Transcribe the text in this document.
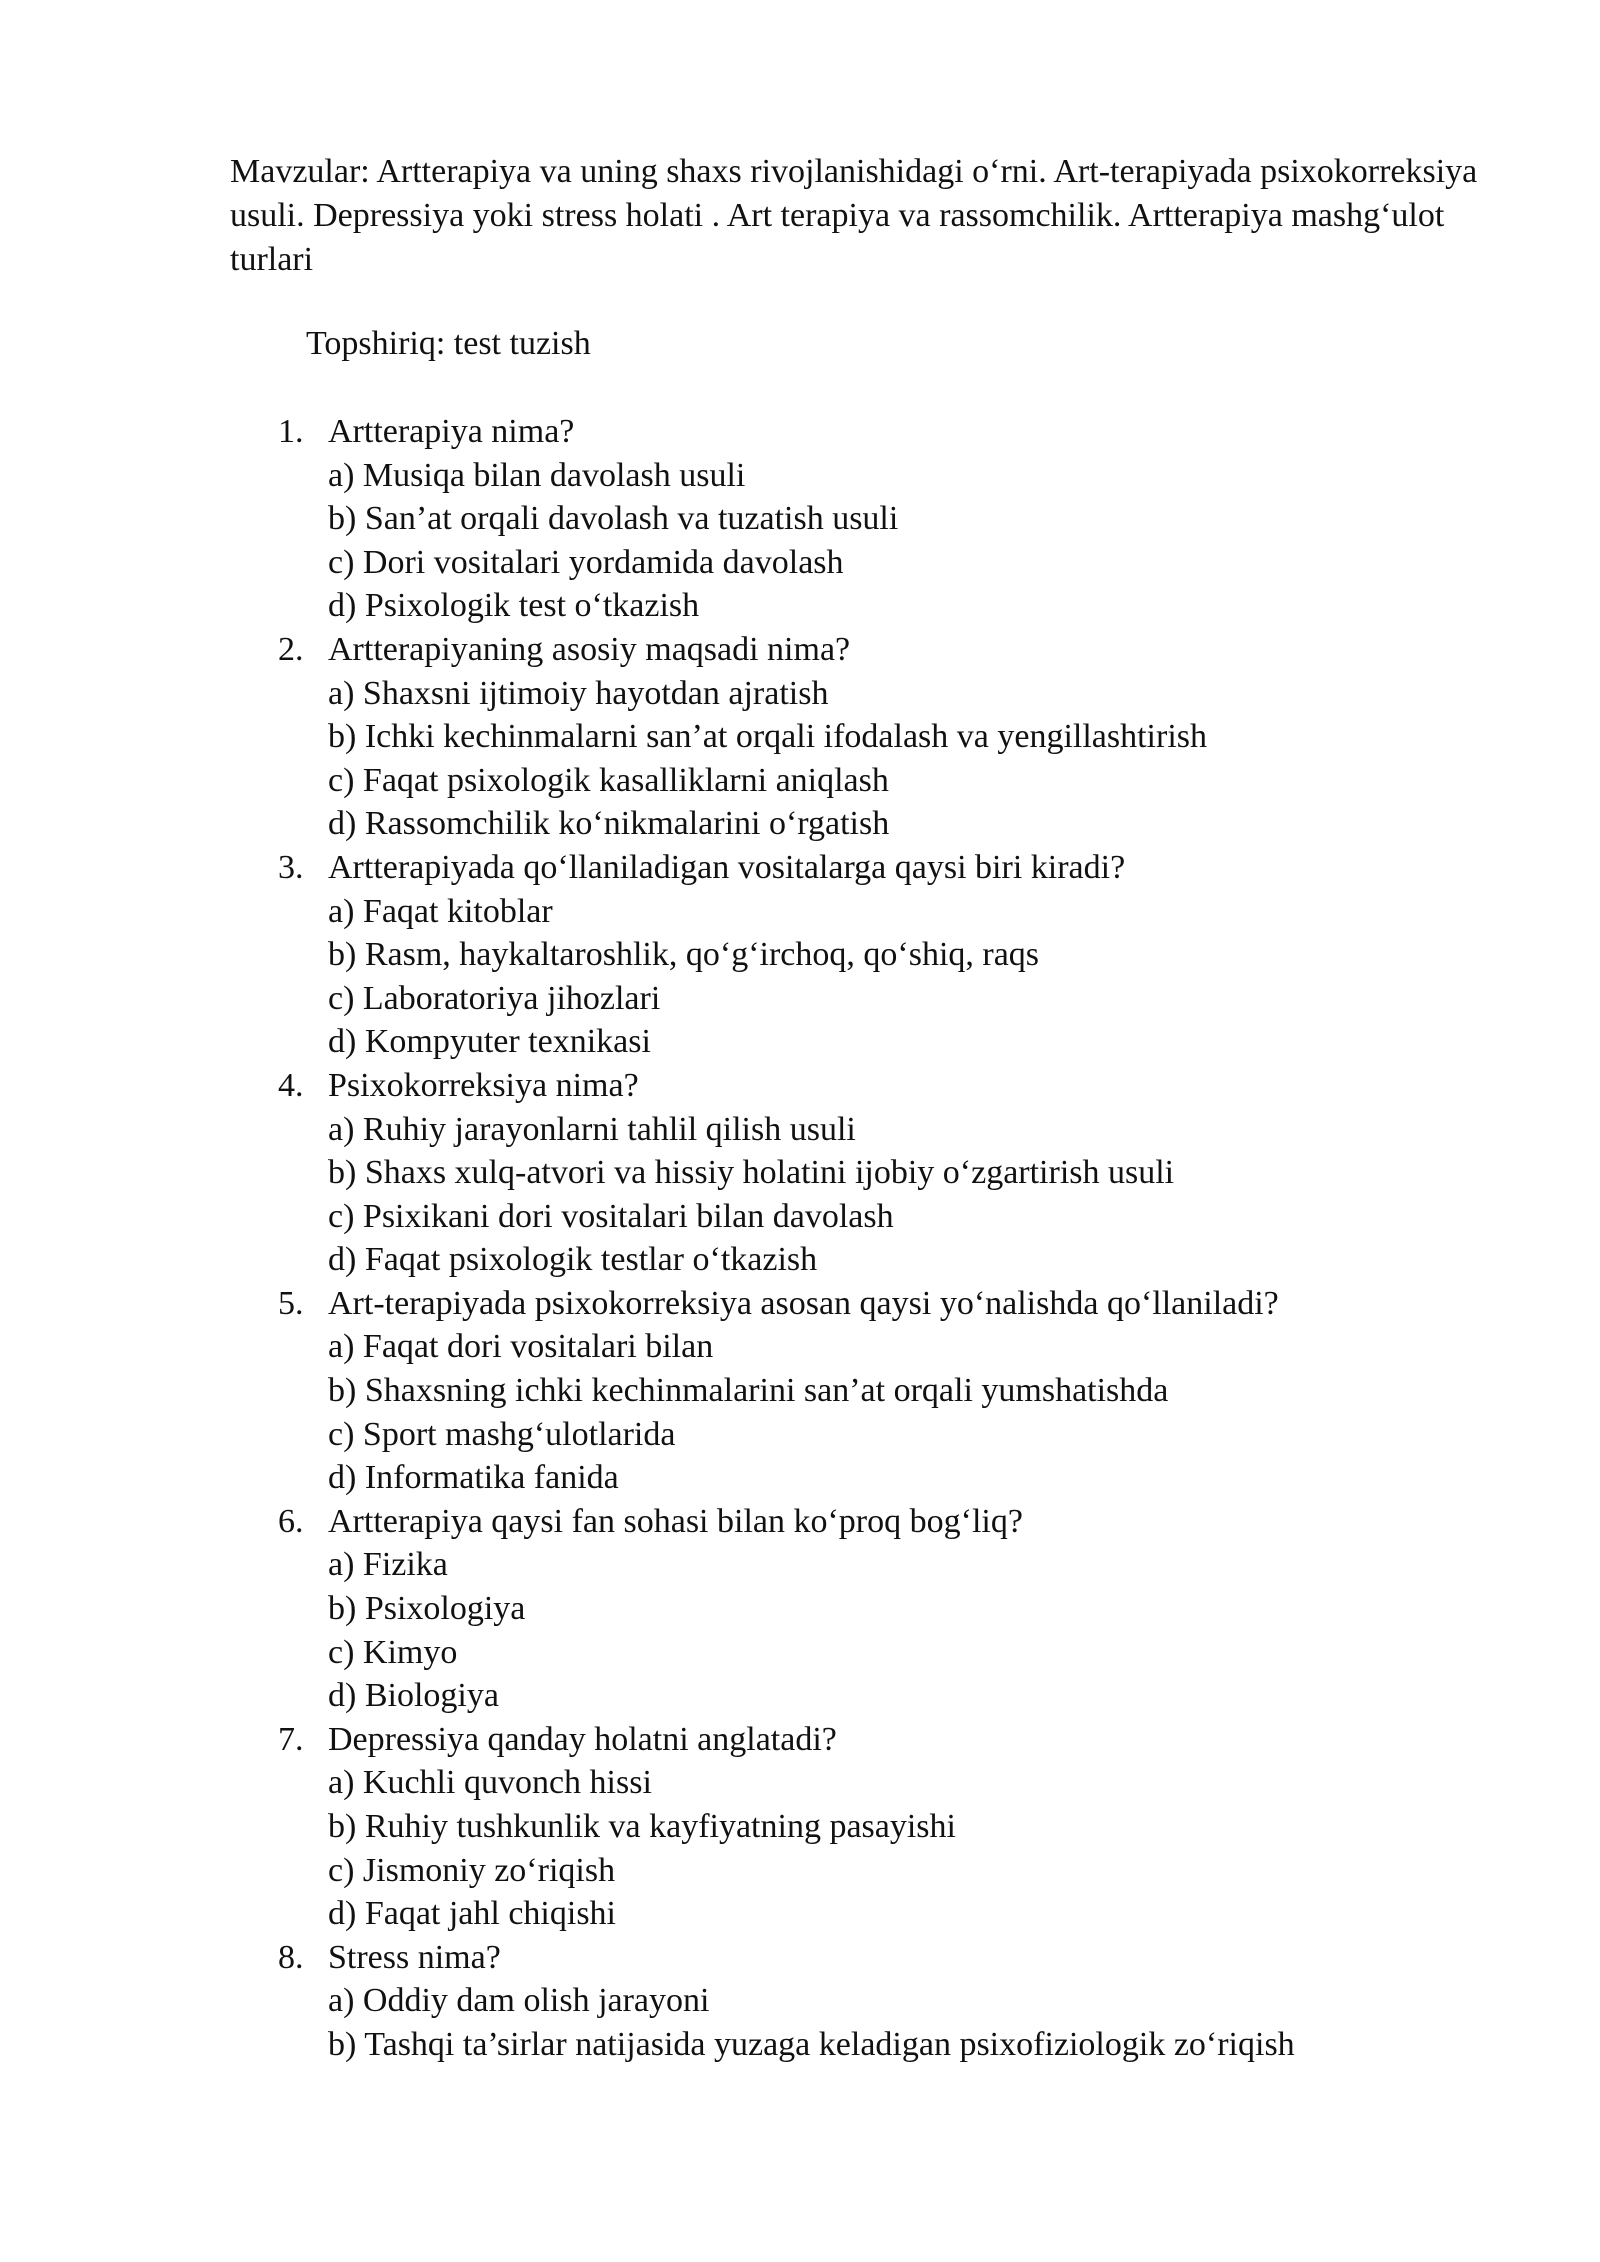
Mavzular: Artterapiya va uning shaxs rivojlanishidagi o‘rni. Art-terapiyada psixokorreksiya usuli. Depressiya yoki stress holati . Art terapiya va rassomchilik. Artterapiya mashg‘ulot turlari

Topshiriq: test tuzish

1. Artterapiya nima?
a) Musiqa bilan davolash usuli
b) San’at orqali davolash va tuzatish usuli
c) Dori vositalari yordamida davolash
d) Psixologik test o‘tkazish
2. Artterapiyaning asosiy maqsadi nima?
a) Shaxsni ijtimoiy hayotdan ajratish
b) Ichki kechinmalarni san’at orqali ifodalash va yengillashtirish
c) Faqat psixologik kasalliklarni aniqlash
d) Rassomchilik ko‘nikmalarini o‘rgatish
3. Artterapiyada qo‘llaniladigan vositalarga qaysi biri kiradi?
a) Faqat kitoblar
b) Rasm, haykaltaroshlik, qo‘g‘irchoq, qo‘shiq, raqs
c) Laboratoriya jihozlari
d) Kompyuter texnikasi
4. Psixokorreksiya nima?
a) Ruhiy jarayonlarni tahlil qilish usuli
b) Shaxs xulq-atvori va hissiy holatini ijobiy o‘zgartirish usuli
c) Psixikani dori vositalari bilan davolash
d) Faqat psixologik testlar o‘tkazish
5. Art-terapiyada psixokorreksiya asosan qaysi yo‘nalishda qo‘llaniladi?
a) Faqat dori vositalari bilan
b) Shaxsning ichki kechinmalarini san’at orqali yumshatishda
c) Sport mashg‘ulotlarida
d) Informatika fanida
6. Artterapiya qaysi fan sohasi bilan ko‘proq bog‘liq?
a) Fizika
b) Psixologiya
c) Kimyo
d) Biologiya
7. Depressiya qanday holatni anglatadi?
a) Kuchli quvonch hissi
b) Ruhiy tushkunlik va kayfiyatning pasayishi
c) Jismoniy zo‘riqish
d) Faqat jahl chiqishi
8. Stress nima?
a) Oddiy dam olish jarayoni
b) Tashqi ta’sirlar natijasida yuzaga keladigan psixofiziologik zo‘riqish
